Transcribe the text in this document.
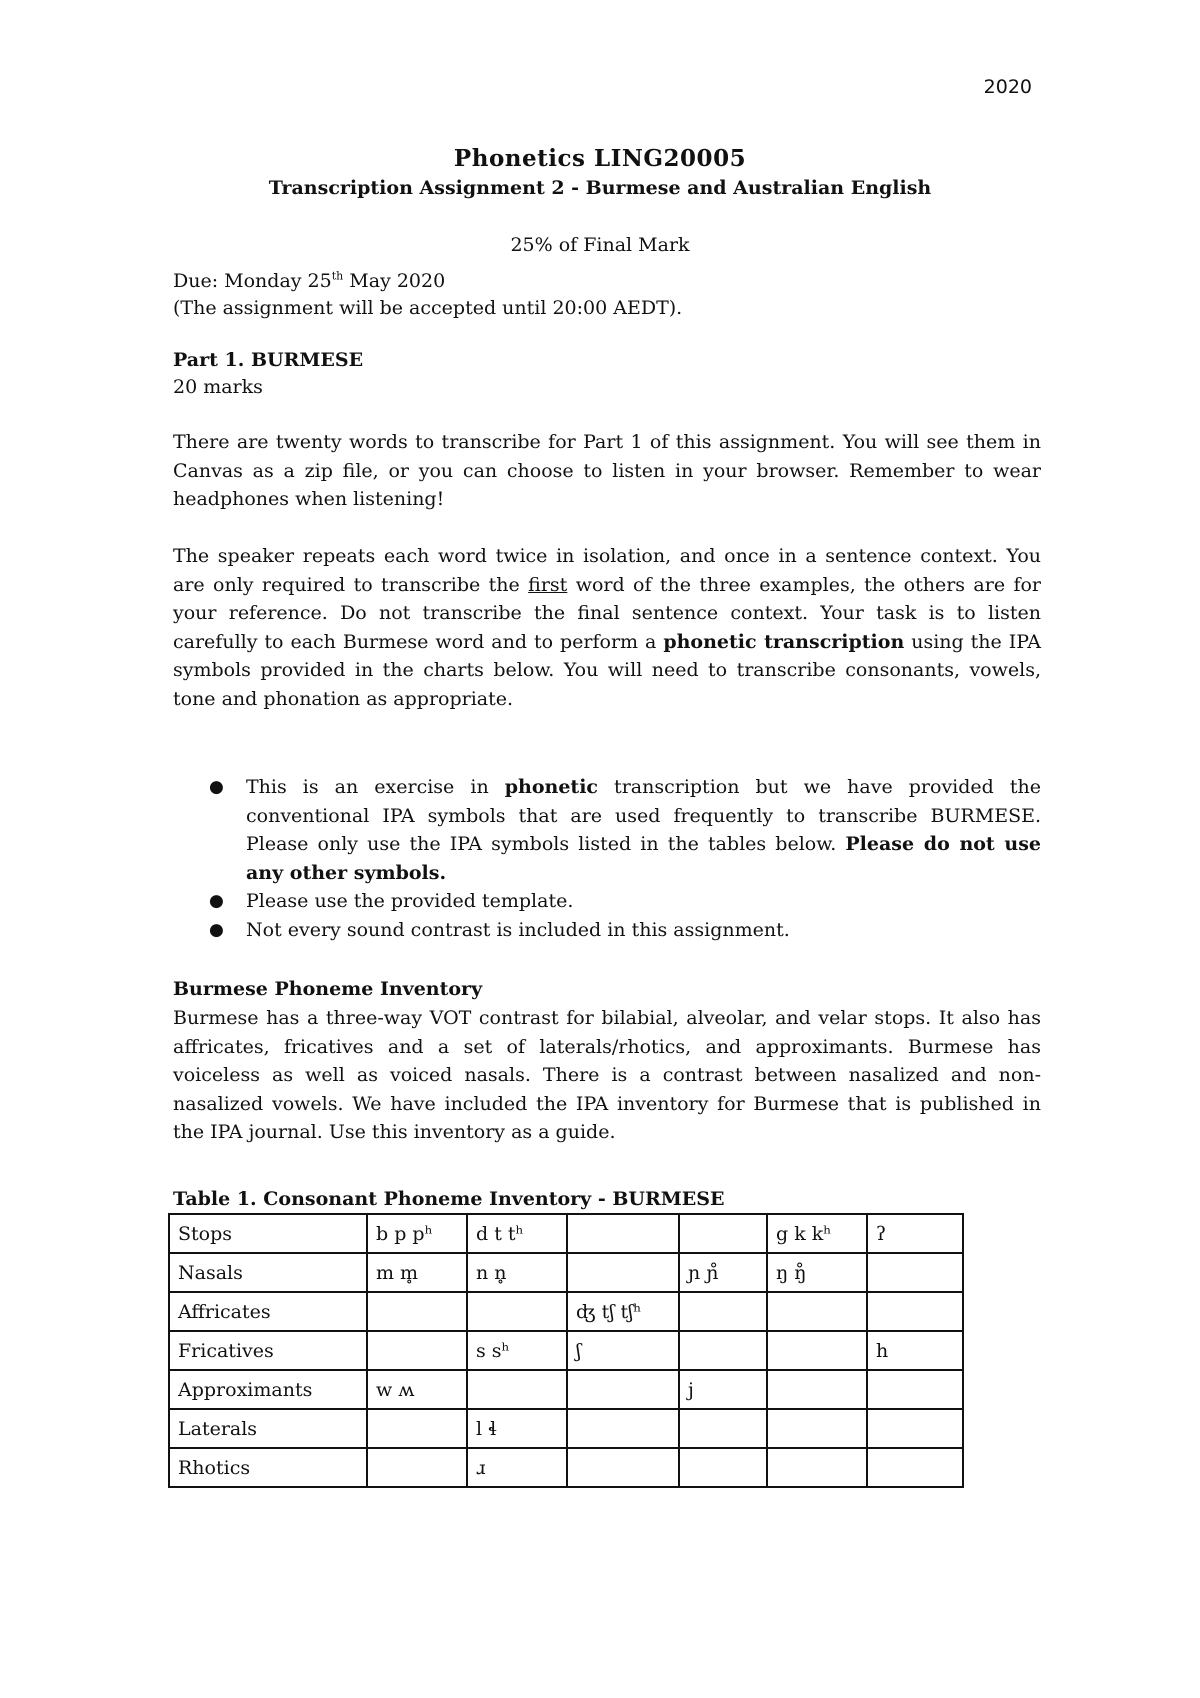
2020
Phonetics LING20005
Transcription Assignment 2 - Burmese and Australian English
25% of Final Mark
Due: Monday 25th May 2020
(The assignment will be accepted until 20:00 AEDT).
Part 1. BURMESE
20 marks

There are twenty words to transcribe for Part 1 of this assignment. You will see them in Canvas as a zip file, or you can choose to listen in your browser. Remember to wear headphones when listening!

The speaker repeats each word twice in isolation, and once in a sentence context. You are only required to transcribe the first word of the three examples, the others are for your reference. Do not transcribe the final sentence context. Your task is to listen carefully to each Burmese word and to perform a phonetic transcription using the IPA symbols provided in the charts below. You will need to transcribe consonants, vowels, tone and phonation as appropriate.

● This is an exercise in phonetic transcription but we have provided the conventional IPA symbols that are used frequently to transcribe BURMESE. Please only use the IPA symbols listed in the tables below. Please do not use any other symbols.
● Please use the provided template.
● Not every sound contrast is included in this assignment.
Burmese Phoneme Inventory

Burmese has a three-way VOT contrast for bilabial, alveolar, and velar stops. It also has affricates, fricatives and a set of laterals/rhotics, and approximants. Burmese has voiceless as well as voiced nasals. There is a contrast between nasalized and non-nasalized vowels. We have included the IPA inventory for Burmese that is published in the IPA journal. Use this inventory as a guide.

Table 1. Consonant Phoneme Inventory - BURMESE
Stops	b p pʰ	d t tʰ			g k kʰ	ʔ
Nasals	m m̥	n n̥		ɲ ɲ̊	ŋ ŋ̊	
Affricates			ʤ tʃ tʃʰ			
Fricatives		s sʰ	ʃ			h
Approximants	w ʍ			j		
Laterals		l ɬ				
Rhotics		ɹ				
